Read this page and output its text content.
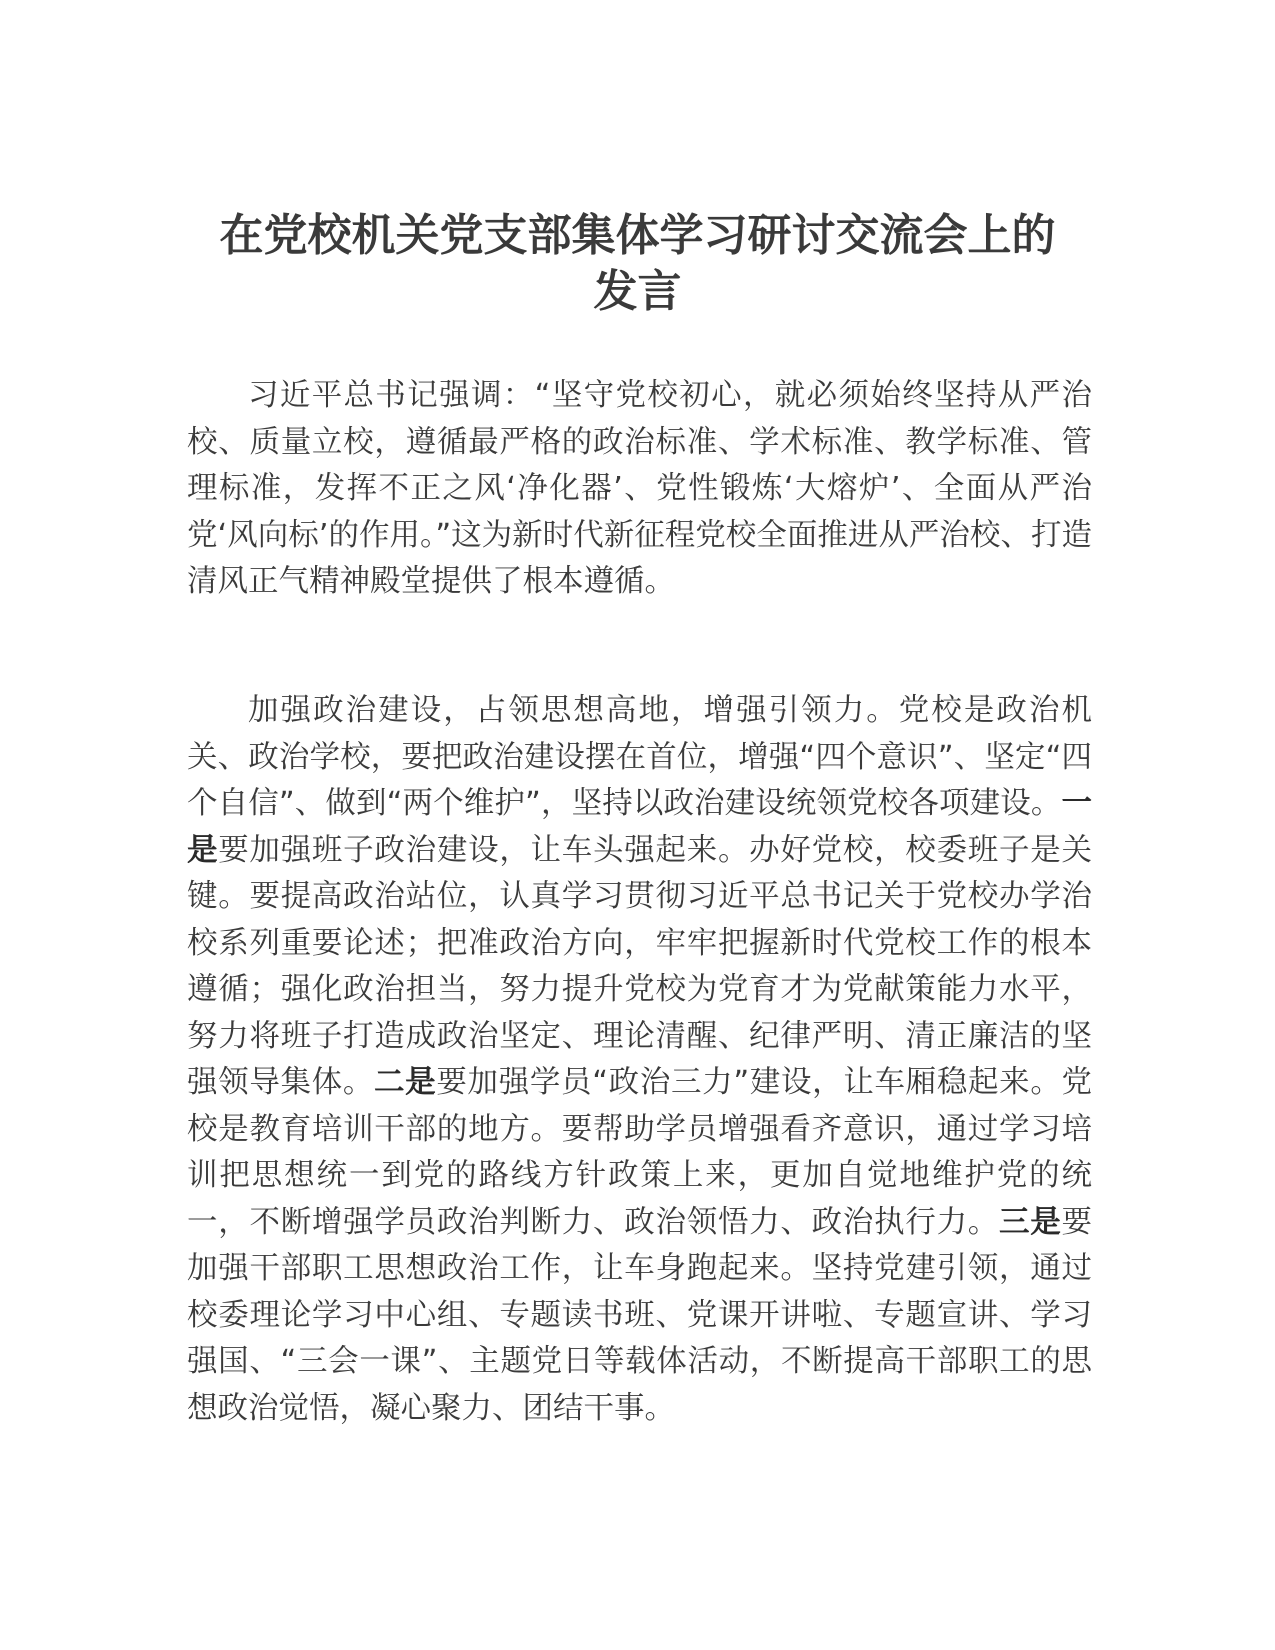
在党校机关党支部集体学习研讨交流会上的
发言

习近平总书记强调：“坚守党校初心，就必须始终坚持从严治校、质量立校，遵循最严格的政治标准、学术标准、教学标准、管理标准，发挥不正之风‘净化器’、党性锻炼‘大熔炉’、全面从严治党‘风向标’的作用。”这为新时代新征程党校全面推进从严治校、打造清风正气精神殿堂提供了根本遵循。

加强政治建设，占领思想高地，增强引领力。党校是政治机关、政治学校，要把政治建设摆在首位，增强“四个意识”、坚定“四个自信”、做到“两个维护”，坚持以政治建设统领党校各项建设。一是要加强班子政治建设，让车头强起来。办好党校，校委班子是关键。要提高政治站位，认真学习贯彻习近平总书记关于党校办学治校系列重要论述；把准政治方向，牢牢把握新时代党校工作的根本遵循；强化政治担当，努力提升党校为党育才为党献策能力水平，努力将班子打造成政治坚定、理论清醒、纪律严明、清正廉洁的坚强领导集体。二是要加强学员“政治三力”建设，让车厢稳起来。党校是教育培训干部的地方。要帮助学员增强看齐意识，通过学习培训把思想统一到党的路线方针政策上来，更加自觉地维护党的统一，不断增强学员政治判断力、政治领悟力、政治执行力。三是要加强干部职工思想政治工作，让车身跑起来。坚持党建引领，通过校委理论学习中心组、专题读书班、党课开讲啦、专题宣讲、学习强国、“三会一课”、主题党日等载体活动，不断提高干部职工的思想政治觉悟，凝心聚力、团结干事。
